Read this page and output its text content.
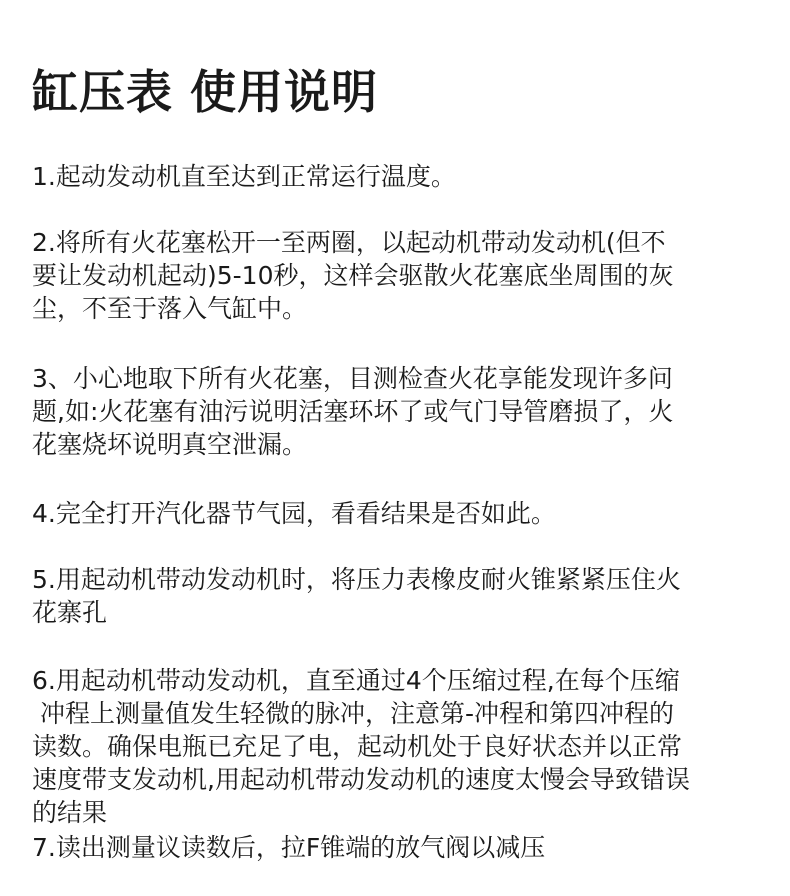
缸压表 使用说明
1.起动发动机直至达到正常运行温度。
2.将所有火花塞松开一至两圈，以起动机带动发动机(但不
要让发动机起动)5-10秒，这样会驱散火花塞底坐周围的灰
尘，不至于落入气缸中。
3、小心地取下所有火花塞，目测检查火花享能发现许多问
题,如:火花塞有油污说明活塞环坏了或气门导管磨损了，火
花塞烧坏说明真空泄漏。
4.完全打开汽化器节气园，看看结果是否如此。
5.用起动机带动发动机时，将压力表橡皮耐火锥紧紧压住火
花寨孔
6.用起动机带动发动机，直至通过4个压缩过程,在每个压缩
冲程上测量值发生轻微的脉冲，注意第-冲程和第四冲程的
读数。确保电瓶已充足了电，起动机处于良好状态并以正常
速度带支发动机,用起动机带动发动机的速度太慢会导致错误
的结果
7.读出测量议读数后，拉F锥端的放气阀以减压
